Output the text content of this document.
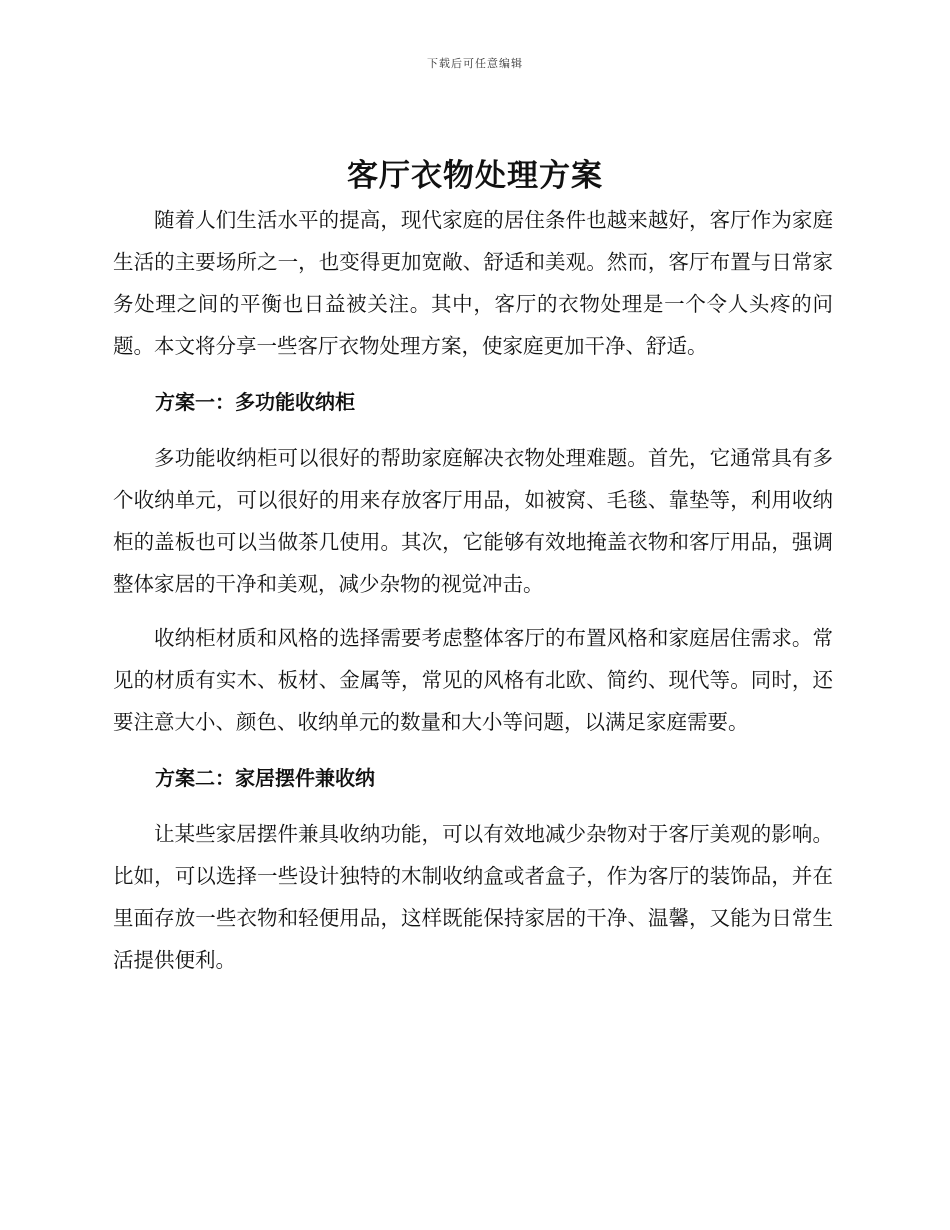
下载后可任意编辑
客厅衣物处理方案

随着人们生活水平的提高，现代家庭的居住条件也越来越好，客厅作为家庭生活的主要场所之一，也变得更加宽敞、舒适和美观。然而，客厅布置与日常家务处理之间的平衡也日益被关注。其中，客厅的衣物处理是一个令人头疼的问题。本文将分享一些客厅衣物处理方案，使家庭更加干净、舒适。

方案一：多功能收纳柜

多功能收纳柜可以很好的帮助家庭解决衣物处理难题。首先，它通常具有多个收纳单元，可以很好的用来存放客厅用品，如被窝、毛毯、靠垫等，利用收纳柜的盖板也可以当做茶几使用。其次，它能够有效地掩盖衣物和客厅用品，强调整体家居的干净和美观，减少杂物的视觉冲击。

收纳柜材质和风格的选择需要考虑整体客厅的布置风格和家庭居住需求。常见的材质有实木、板材、金属等，常见的风格有北欧、简约、现代等。同时，还要注意大小、颜色、收纳单元的数量和大小等问题，以满足家庭需要。

方案二：家居摆件兼收纳

让某些家居摆件兼具收纳功能，可以有效地减少杂物对于客厅美观的影响。比如，可以选择一些设计独特的木制收纳盒或者盒子，作为客厅的装饰品，并在里面存放一些衣物和轻便用品，这样既能保持家居的干净、温馨，又能为日常生活提供便利。
